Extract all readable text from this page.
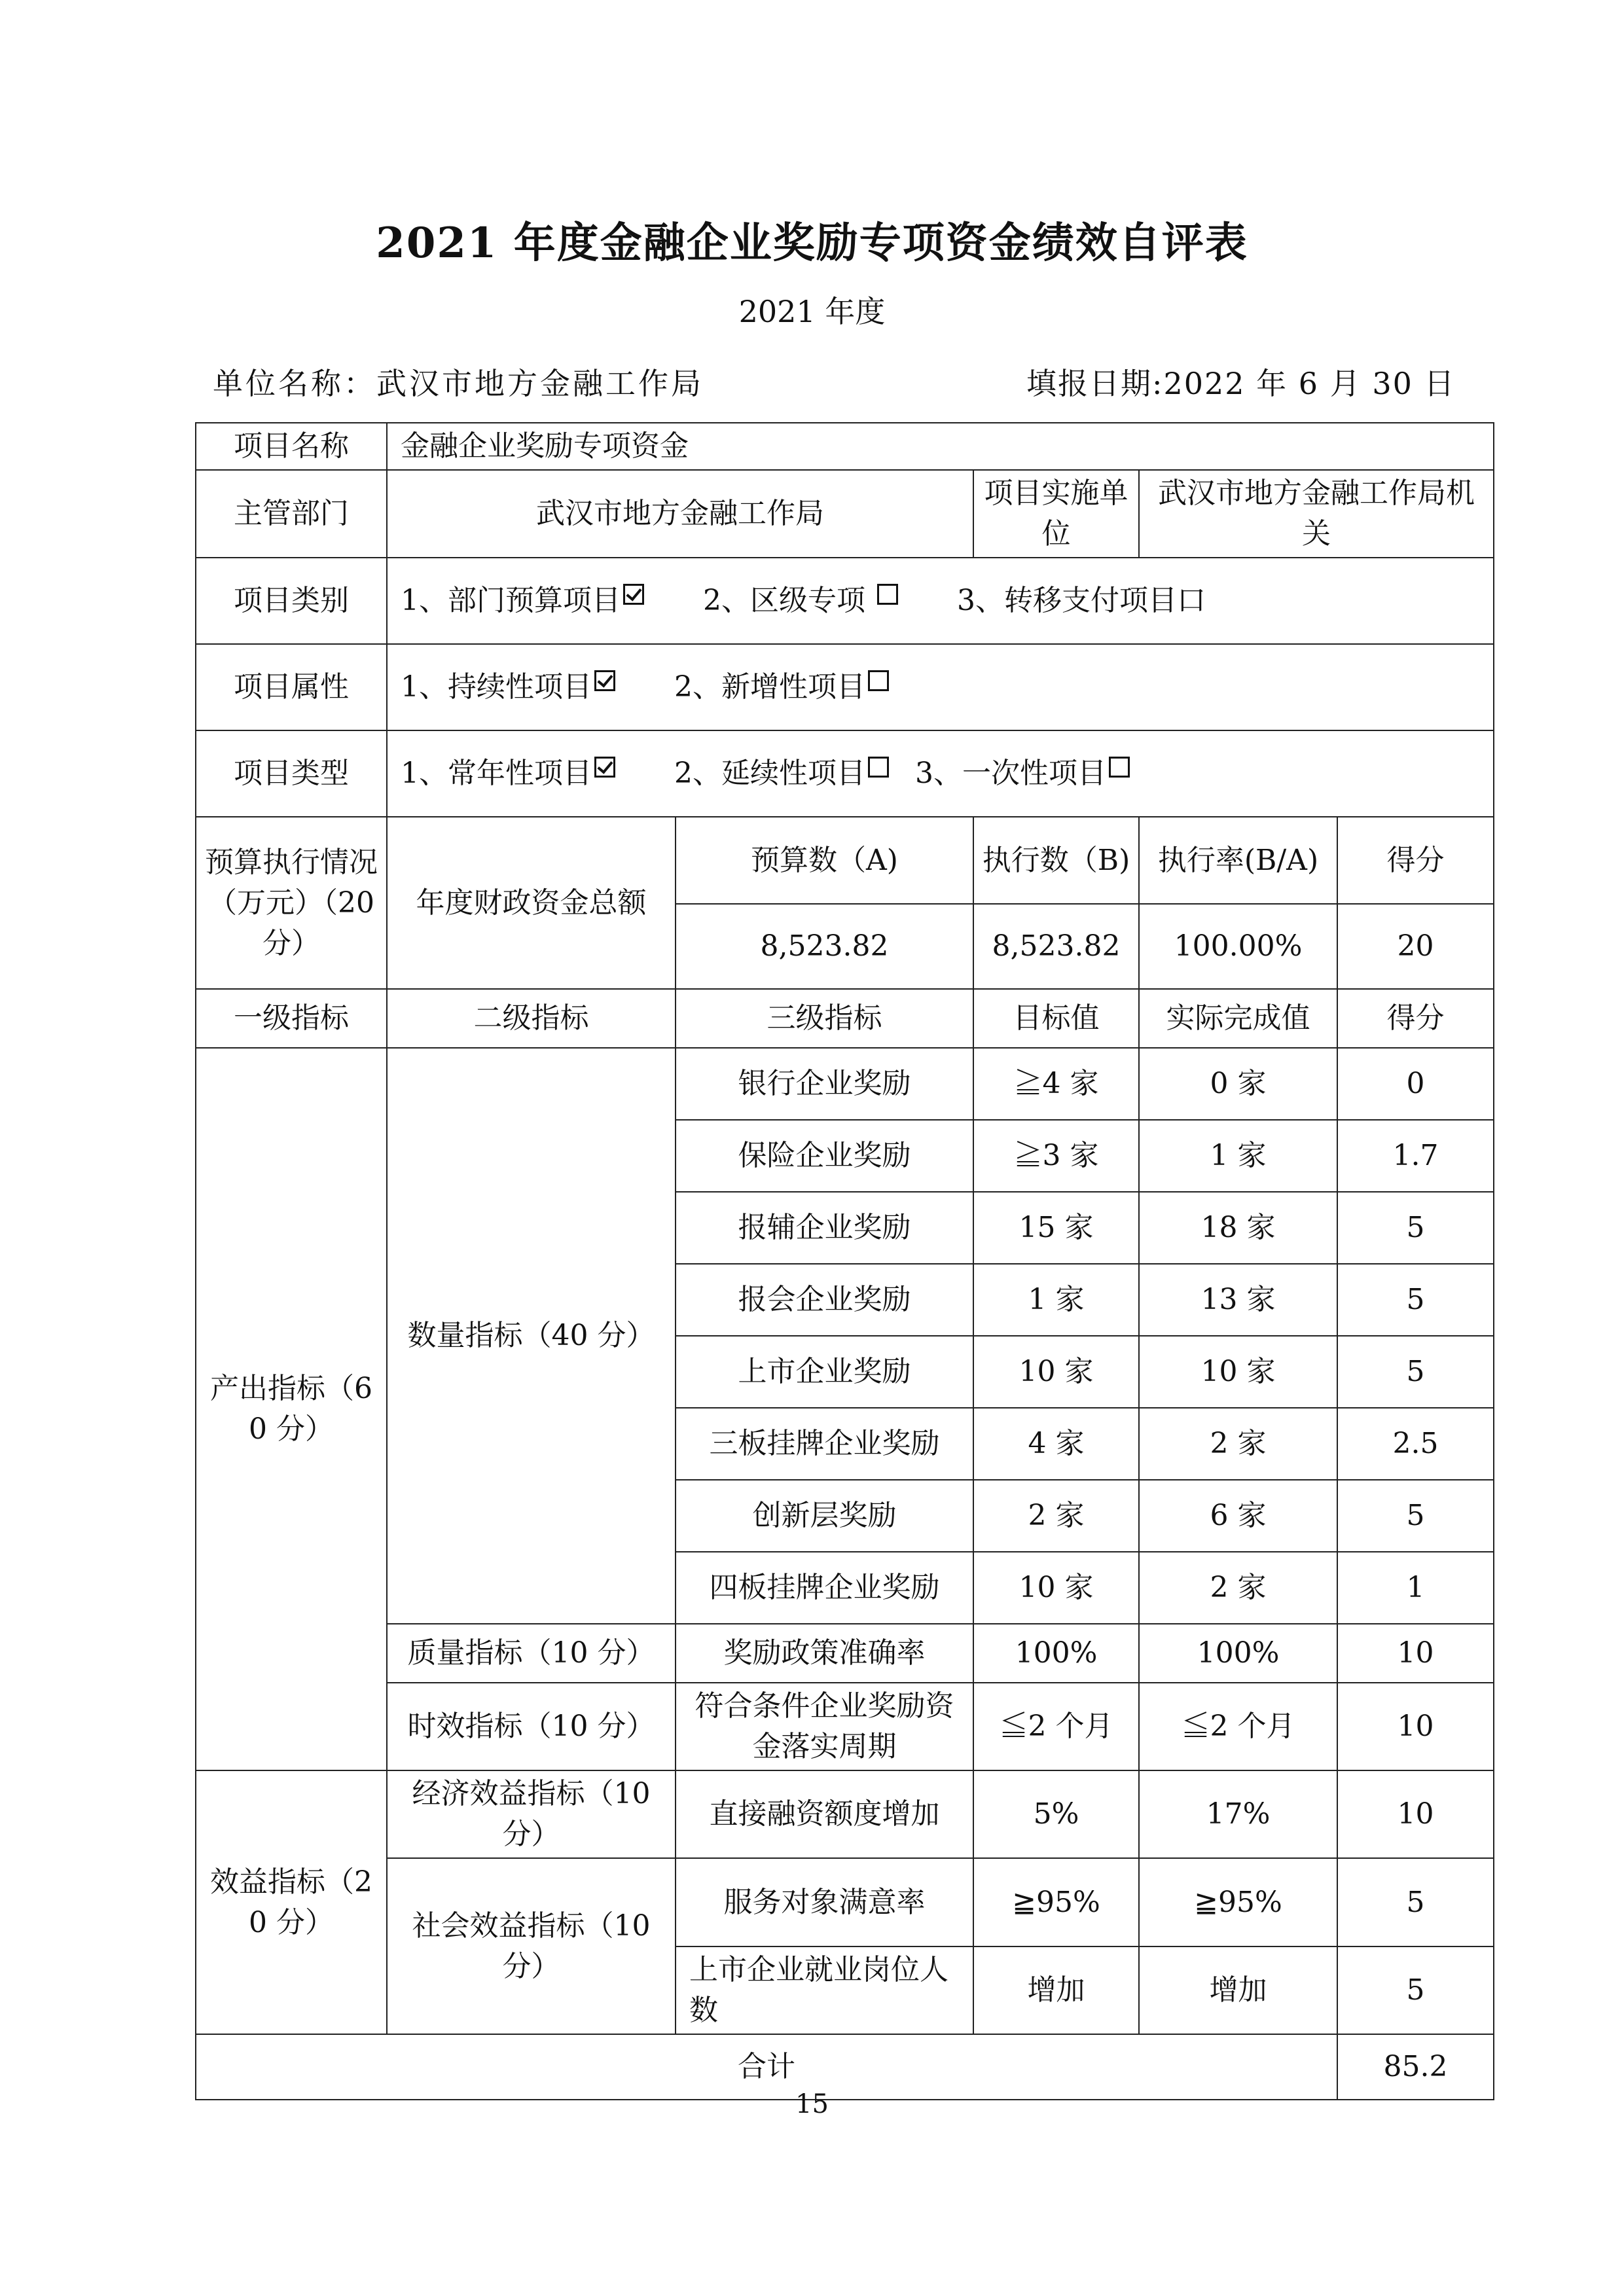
2021 年度金融企业奖励专项资金绩效自评表
2021 年度
单位名称：武汉市地方金融工作局	填报日期:2022 年 6 月 30 日
项目名称	金融企业奖励专项资金				
主管部门	武汉市地方金融工作局		项目实施单位	武汉市地方金融工作局机关	
项目类别	1、部门预算项目 2、区级专项 3、转移支付项目口				
项目属性	1、持续性项目 2、新增性项目				
项目类型	1、常年性项目 2、延续性项目 3、一次性项目				
预算执行情况（万元）（20 分）	年度财政资金总额	预算数（A)	执行数（B)	执行率(B/A)	得分
		8,523.82	8,523.82	100.00%	20
一级指标	二级指标	三级指标	目标值	实际完成值	得分
产出指标（60 分）	数量指标（40 分）	银行企业奖励	≧4 家	0 家	0
		保险企业奖励	≧3 家	1 家	1.7
		报辅企业奖励	15 家	18 家	5
		报会企业奖励	1 家	13 家	5
		上市企业奖励	10 家	10 家	5
		三板挂牌企业奖励	4 家	2 家	2.5
		创新层奖励	2 家	6 家	5
		四板挂牌企业奖励	10 家	2 家	1
	质量指标（10 分）	奖励政策准确率	100%	100%	10
	时效指标（10 分）	符合条件企业奖励资金落实周期	≦2 个月	≦2 个月	10
效益指标（20 分）	经济效益指标（10 分）	直接融资额度增加	5%	17%	10
	社会效益指标（10 分）	服务对象满意率	≧95%	≧95%	5
		上市企业就业岗位人数	增加	增加	5
合计					85.2
15
